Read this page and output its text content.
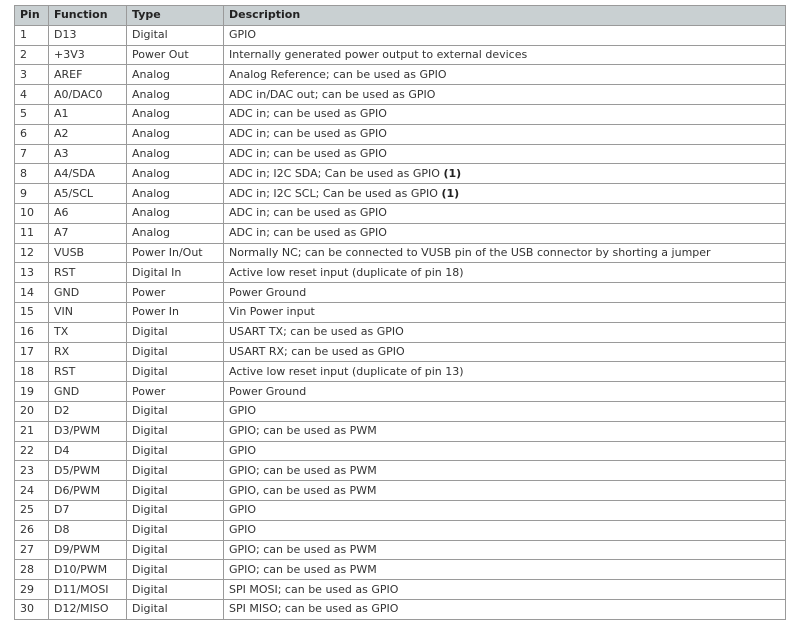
Pin	Function	Type	Description
1	D13	Digital	GPIO
2	+3V3	Power Out	Internally generated power output to external devices
3	AREF	Analog	Analog Reference; can be used as GPIO
4	A0/DAC0	Analog	ADC in/DAC out; can be used as GPIO
5	A1	Analog	ADC in; can be used as GPIO
6	A2	Analog	ADC in; can be used as GPIO
7	A3	Analog	ADC in; can be used as GPIO
8	A4/SDA	Analog	ADC in; I2C SDA; Can be used as GPIO (1)
9	A5/SCL	Analog	ADC in; I2C SCL; Can be used as GPIO (1)
10	A6	Analog	ADC in; can be used as GPIO
11	A7	Analog	ADC in; can be used as GPIO
12	VUSB	Power In/Out	Normally NC; can be connected to VUSB pin of the USB connector by shorting a jumper
13	RST	Digital In	Active low reset input (duplicate of pin 18)
14	GND	Power	Power Ground
15	VIN	Power In	Vin Power input
16	TX	Digital	USART TX; can be used as GPIO
17	RX	Digital	USART RX; can be used as GPIO
18	RST	Digital	Active low reset input (duplicate of pin 13)
19	GND	Power	Power Ground
20	D2	Digital	GPIO
21	D3/PWM	Digital	GPIO; can be used as PWM
22	D4	Digital	GPIO
23	D5/PWM	Digital	GPIO; can be used as PWM
24	D6/PWM	Digital	GPIO, can be used as PWM
25	D7	Digital	GPIO
26	D8	Digital	GPIO
27	D9/PWM	Digital	GPIO; can be used as PWM
28	D10/PWM	Digital	GPIO; can be used as PWM
29	D11/MOSI	Digital	SPI MOSI; can be used as GPIO
30	D12/MISO	Digital	SPI MISO; can be used as GPIO
